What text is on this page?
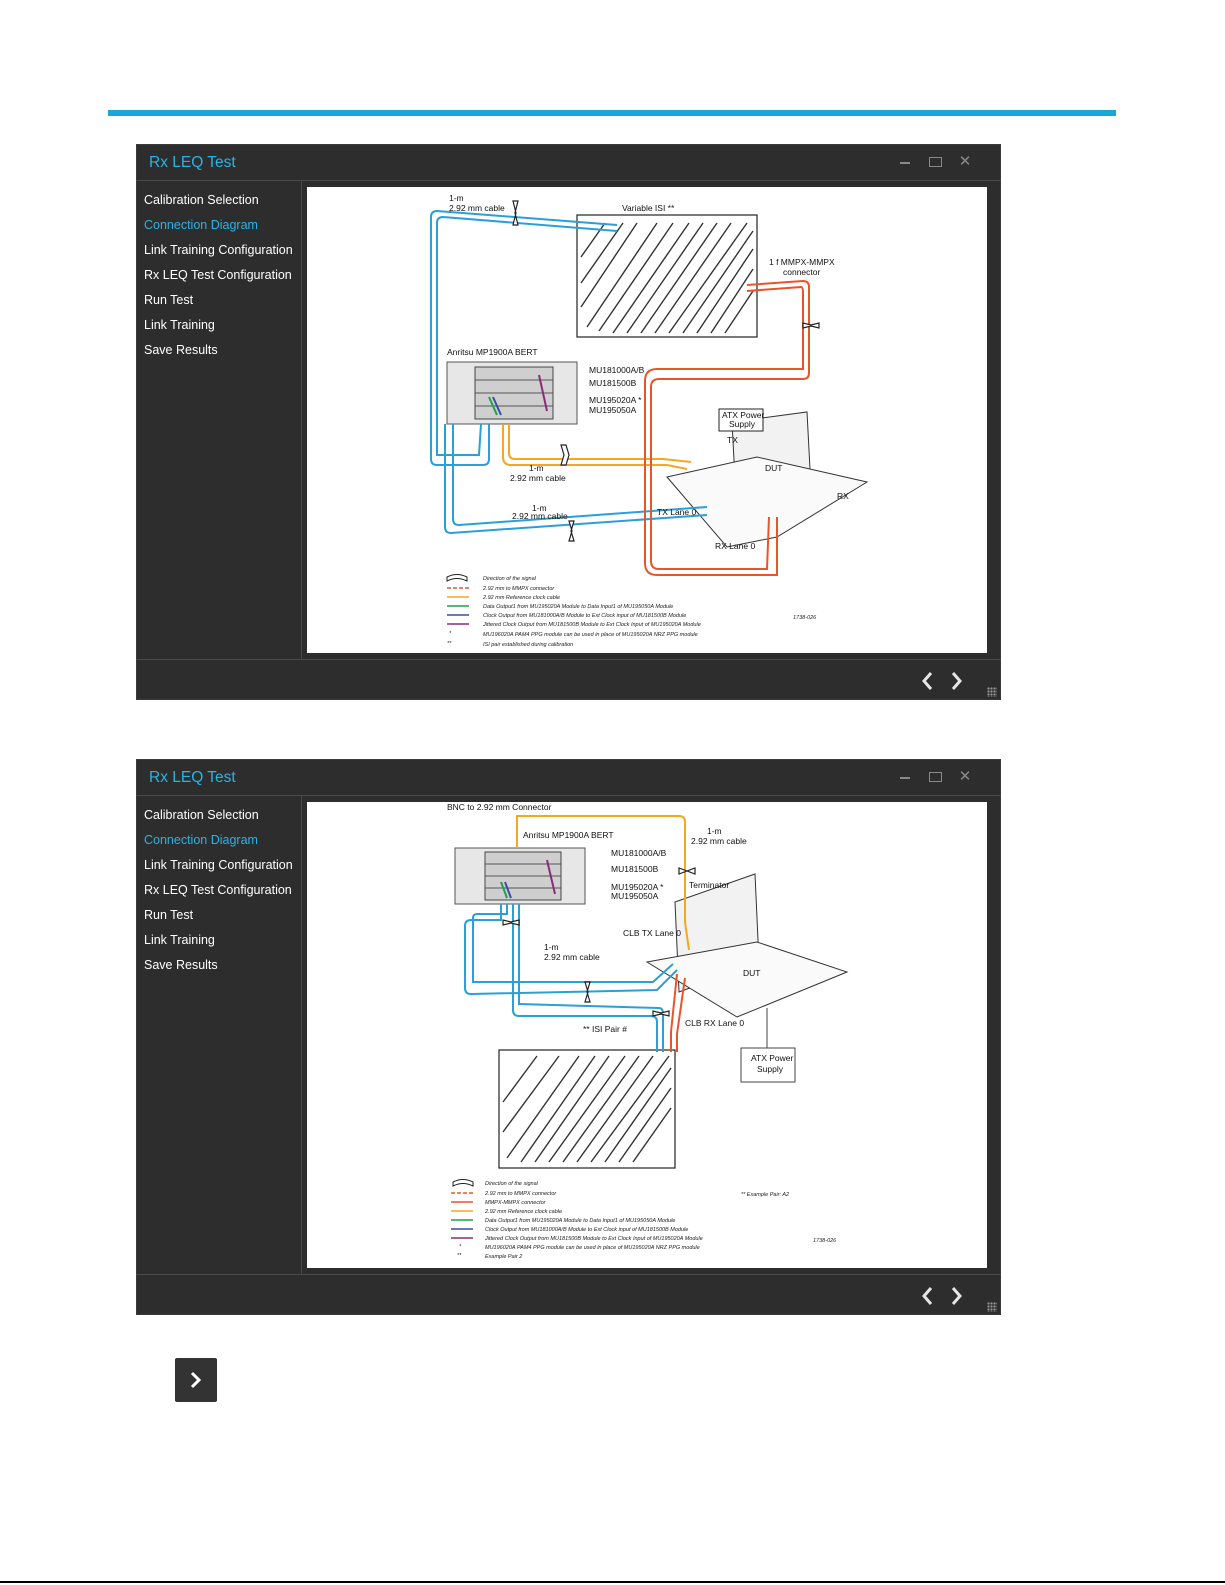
Rx LEQ Test	✕
Calibration Selection
Connection Diagram
Link Training Configuration
Rx LEQ Test Configuration
Run Test
Link Training
Save Results
1-m
2.92 mm cable	Variable ISI **
1 f MMPX-MMPX
connector
Anritsu MP1900A BERT
MU181000A/B
MU181500B
MU195020A *
MU195050A	ATX Power
Supply
1-m
2.92 mm cable
1-m
2.92 mm cable	TX Lane 0
RX Lane 0
DUT
RX
TX
1738-026
*
**
Direction of the signal
2.92 mm to MMPX connector
2.92 mm Reference clock cable
Data Output1 from MU195020A Module to Data Input1 of MU195050A Module
Clock Output from MU181000A/B Module to Ext Clock input of MU181500B Module
Jittered Clock Output from MU181500B Module to Ext Clock Input of MU195020A Module
MU196020A PAM4 PPG module can be used in place of MU195020A NRZ PPG module
ISI pair established during calibration
Rx LEQ Test	✕
Calibration Selection
Connection Diagram
Link Training Configuration
Rx LEQ Test Configuration
Run Test
Link Training
Save Results
BNC to 2.92 mm Connector
Anritsu MP1900A BERT	1-m
2.92 mm cable
MU181000A/B
MU181500B
MU195020A *
MU195050A
Terminator
1-m
2.92 mm cable
CLB TX Lane 0
CLB RX Lane 0
** ISI Pair #
DUT
ATX Power
Supply
** Example Pair: A2
1738-026
*
**
Direction of the signal
2.92 mm to MMPX connector
MMPX-MMPX connector
2.92 mm Reference clock cable
Data Output1 from MU195020A Module to Data Input1 of MU195050A Module
Clock Output from MU181000A/B Module to Ext Clock input of MU181500B Module
Jittered Clock Output from MU181500B Module to Ext Clock Input of MU195020A Module
MU196020A PAM4 PPG module can be used in place of MU195020A NRZ PPG module
Example Pair 2
